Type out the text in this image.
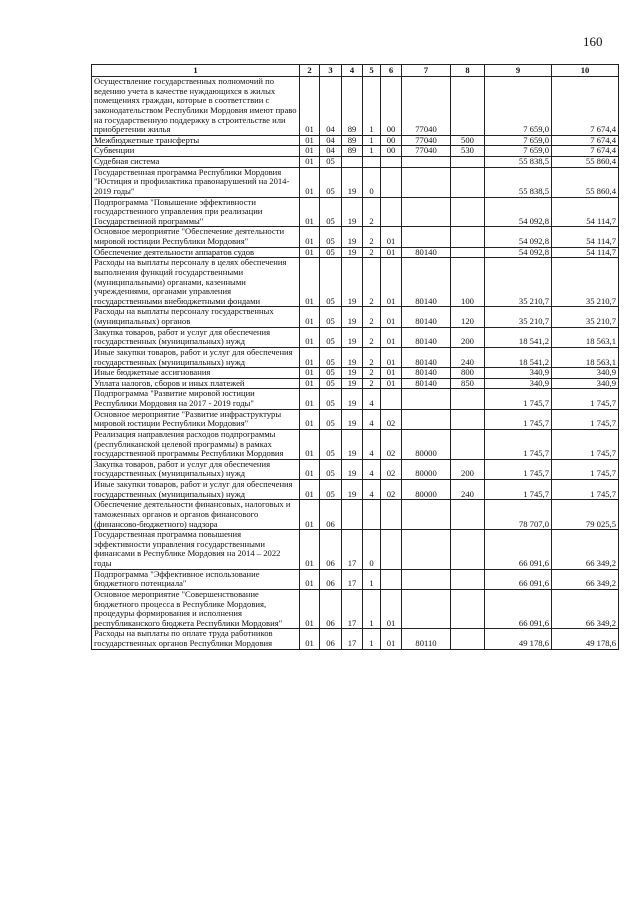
160
1	2	3	4	5	6	7	8	9	10
Осуществление государственных полномочий по ведению учета в качестве нуждающихся в жилых помещениях граждан, которые в соответствии с законодательством Республики Мордовия имеют право на государственную поддержку в строительстве или приобретении жилья	01	04	89	1	00	77040		7 659,0	7 674,4
Межбюджетные трансферты	01	04	89	1	00	77040	500	7 659,0	7 674,4
Субвенции	01	04	89	1	00	77040	530	7 659,0	7 674,4
Судебная система	01	05						55 838,5	55 860,4
Государственная программа Республики Мордовия "Юстиция и профилактика правонарушений на 2014-2019 годы"	01	05	19	0				55 838,5	55 860,4
Подпрограмма "Повышение эффективности государственного управления при реализации Государственной программы"	01	05	19	2				54 092,8	54 114,7
Основное мероприятие "Обеспечение деятельности мировой юстиции Республики Мордовия"	01	05	19	2	01			54 092,8	54 114,7
Обеспечение деятельности аппаратов судов	01	05	19	2	01	80140		54 092,8	54 114,7
Расходы на выплаты персоналу в целях обеспечения выполнения функций государственными (муниципальными) органами, казенными учреждениями, органами управления государственными внебюджетными фондами	01	05	19	2	01	80140	100	35 210,7	35 210,7
Расходы на выплаты персоналу государственных (муниципальных) органов	01	05	19	2	01	80140	120	35 210,7	35 210,7
Закупка товаров, работ и услуг для обеспечения государственных (муниципальных) нужд	01	05	19	2	01	80140	200	18 541,2	18 563,1
Иные закупки товаров, работ и услуг для обеспечения государственных (муниципальных) нужд	01	05	19	2	01	80140	240	18 541,2	18 563,1
Иные бюджетные ассигнования	01	05	19	2	01	80140	800	340,9	340,9
Уплата налогов, сборов и иных платежей	01	05	19	2	01	80140	850	340,9	340,9
Подпрограмма "Развитие мировой юстиции Республики Мордовия на 2017 - 2019 годы"	01	05	19	4				1 745,7	1 745,7
Основное мероприятие "Развитие инфраструктуры мировой юстиции Республики Мордовия"	01	05	19	4	02			1 745,7	1 745,7
Реализация направления расходов подпрограммы (республиканской целевой программы) в рамках государственной программы Республики Мордовия	01	05	19	4	02	80000		1 745,7	1 745,7
Закупка товаров, работ и услуг для обеспечения государственных (муниципальных) нужд	01	05	19	4	02	80000	200	1 745,7	1 745,7
Иные закупки товаров, работ и услуг для обеспечения государственных (муниципальных) нужд	01	05	19	4	02	80000	240	1 745,7	1 745,7
Обеспечение деятельности финансовых, налоговых и таможенных органов и органов финансового (финансово-бюджетного) надзора	01	06						78 707,0	79 025,5
Государственная программа повышения эффективности управления государственными финансами в Республике Мордовия на 2014 – 2022 годы	01	06	17	0				66 091,6	66 349,2
Подпрограмма "Эффективное использование бюджетного потенциала"	01	06	17	1				66 091,6	66 349,2
Основное мероприятие "Совершенствование бюджетного процесса в Республике Мордовия, процедуры формирования и исполнения республиканского бюджета Республики Мордовия"	01	06	17	1	01			66 091,6	66 349,2
Расходы на выплаты по оплате труда работников государственных органов Республики Мордовия	01	06	17	1	01	80110		49 178,6	49 178,6
